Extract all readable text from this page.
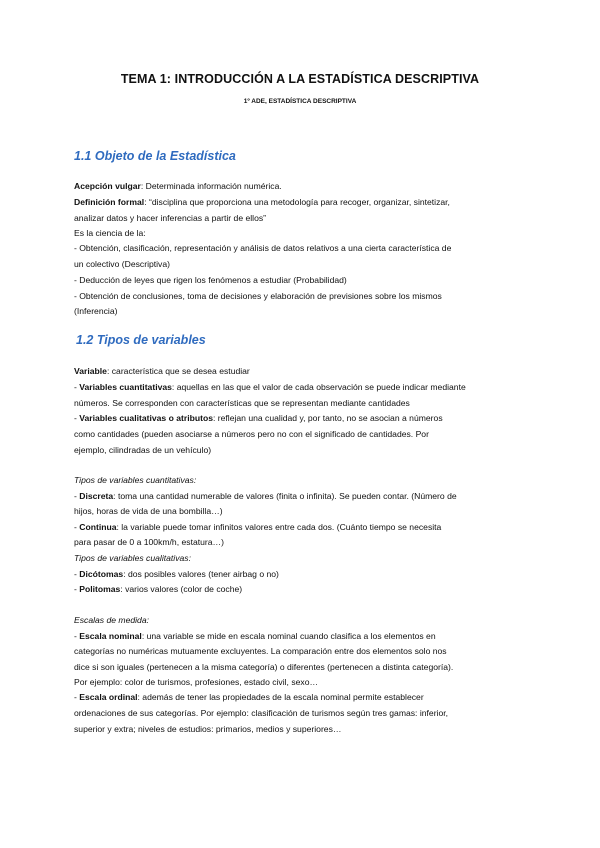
TEMA 1: INTRODUCCIÓN A LA ESTADÍSTICA DESCRIPTIVA
1º ADE, ESTADÍSTICA DESCRIPTIVA
1.1 Objeto de la Estadística
Acepción vulgar: Determinada información numérica.
Definición formal: “disciplina que proporciona una metodología para recoger, organizar, sintetizar,
analizar datos y hacer inferencias a partir de ellos”
Es la ciencia de la:
- Obtención, clasificación, representación y análisis de datos relativos a una cierta característica de
un colectivo (Descriptiva)
- Deducción de leyes que rigen los fenómenos a estudiar (Probabilidad)
- Obtención de conclusiones, toma de decisiones y elaboración de previsiones sobre los mismos
(Inferencia)
1.2 Tipos de variables
Variable: característica que se desea estudiar
- Variables cuantitativas: aquellas en las que el valor de cada observación se puede indicar mediante
números. Se corresponden con características que se representan mediante cantidades
- Variables cualitativas o atributos: reflejan una cualidad y, por tanto, no se asocian a números
como cantidades (pueden asociarse a números pero no con el significado de cantidades. Por
ejemplo, cilindradas de un vehículo)
Tipos de variables cuantitativas:
- Discreta: toma una cantidad numerable de valores (finita o infinita). Se pueden contar. (Número de
hijos, horas de vida de una bombilla…)
- Continua: la variable puede tomar infinitos valores entre cada dos. (Cuánto tiempo se necesita
para pasar de 0 a 100km/h, estatura…)
Tipos de variables cualitativas:
- Dicótomas: dos posibles valores (tener airbag o no)
- Politomas: varios valores (color de coche)
Escalas de medida:
- Escala nominal: una variable se mide en escala nominal cuando clasifica a los elementos en
categorías no numéricas mutuamente excluyentes. La comparación entre dos elementos solo nos
dice si son iguales (pertenecen a la misma categoría) o diferentes (pertenecen a distinta categoría).
Por ejemplo: color de turismos, profesiones, estado civil, sexo…
- Escala ordinal: además de tener las propiedades de la escala nominal permite establecer
ordenaciones de sus categorías. Por ejemplo: clasificación de turismos según tres gamas: inferior,
superior y extra; niveles de estudios: primarios, medios y superiores…
